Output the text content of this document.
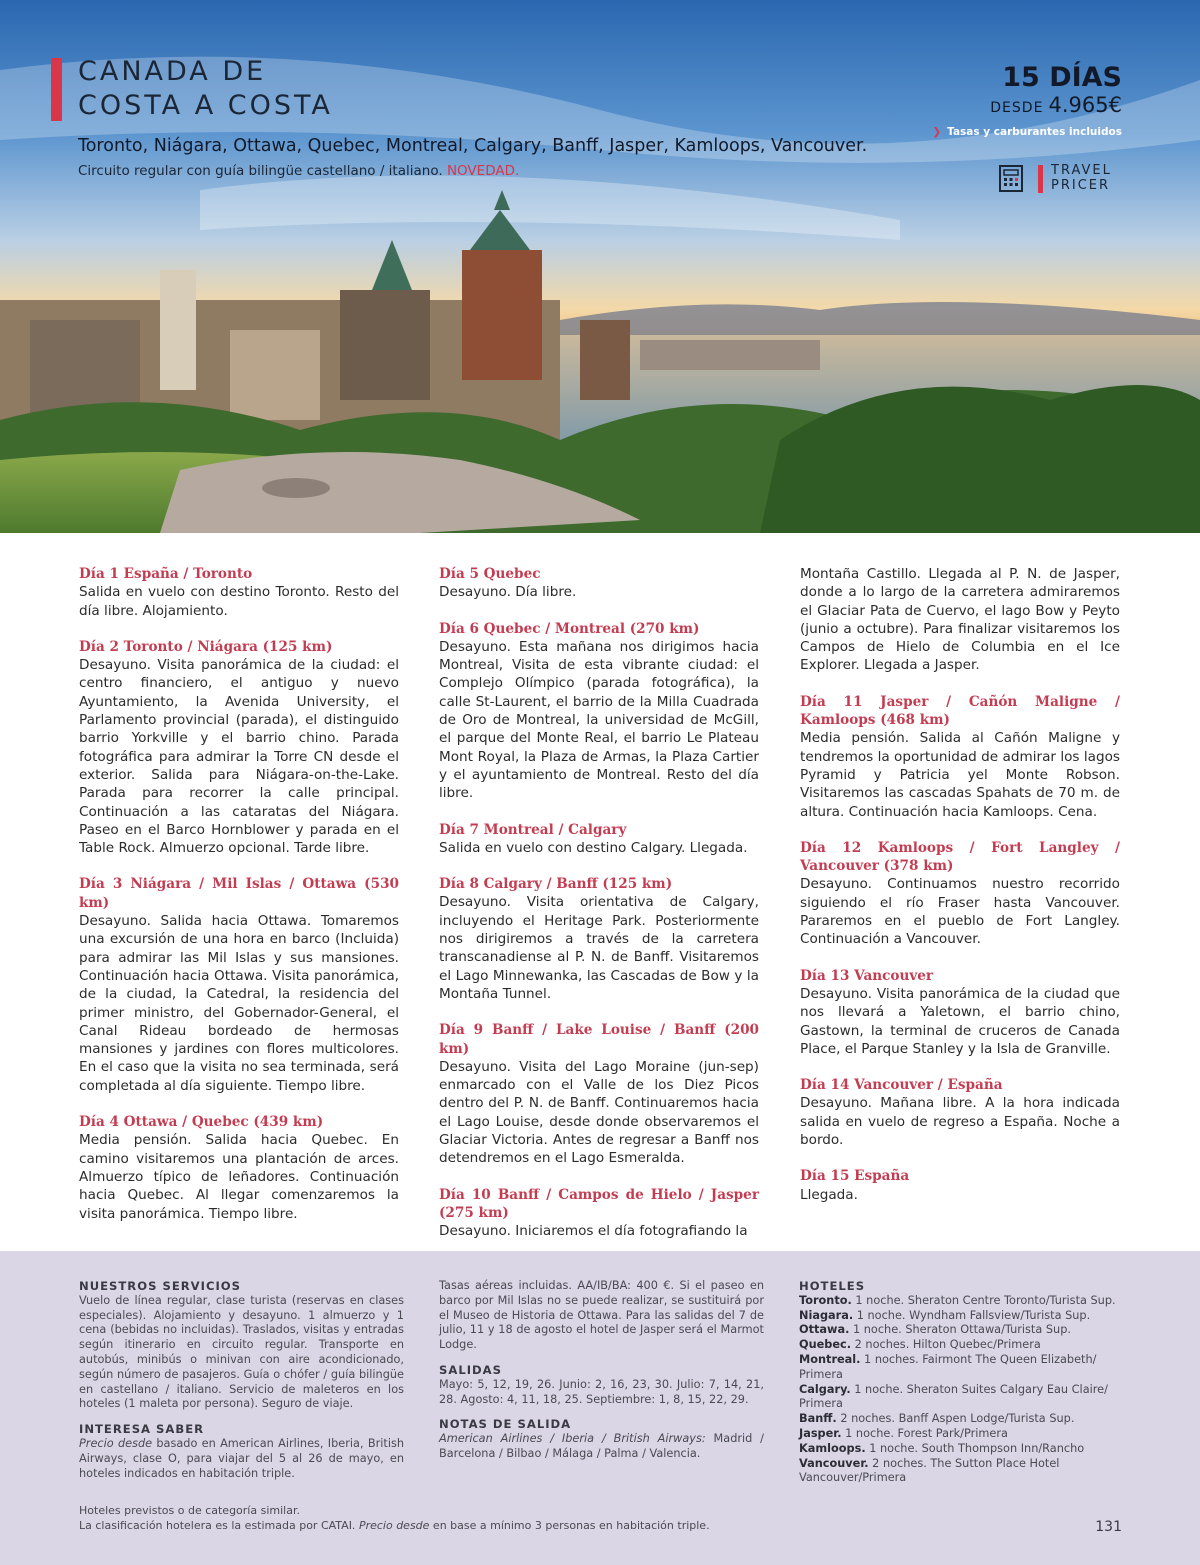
CANADA DE
COSTA A COSTA
Toronto, Niágara, Ottawa, Quebec, Montreal, Calgary, Banff, Jasper, Kamloops, Vancouver.
Circuito regular con guía bilingüe castellano / italiano. NOVEDAD.
15 DÍAS
DESDE 4.965€
❯ Tasas y carburantes incluidos
TRAVEL
PRICER
Día 1 España / Toronto

Salida en vuelo con destino Toronto. Resto del día libre. Alojamiento.

Día 2 Toronto / Niágara (125 km)

Desayuno. Visita panorámica de la ciudad: el centro financiero, el antiguo y nuevo Ayuntamiento, la Avenida University, el Parlamento provincial (parada), el distinguido barrio Yorkville y el barrio chino. Parada fotográfica para admirar la Torre CN desde el exterior. Salida para Niágara-on-the-Lake. Parada para recorrer la calle principal. Continuación a las cataratas del Niágara. Paseo en el Barco Hornblower y parada en el Table Rock. Almuerzo opcional. Tarde libre.

Día 3 Niágara / Mil Islas / Ottawa (530 km)

Desayuno. Salida hacia Ottawa. Tomaremos una excursión de una hora en barco (Incluida) para admirar las Mil Islas y sus mansiones. Continuación hacia Ottawa. Visita panorámica, de la ciudad, la Catedral, la residencia del primer ministro, del Gobernador-General, el Canal Rideau bordeado de hermosas mansiones y jardines con flores multicolores. En el caso que la visita no sea terminada, será completada al día siguiente. Tiempo libre.

Día 4 Ottawa / Quebec (439 km)

Media pensión. Salida hacia Quebec. En camino visitaremos una plantación de arces. Almuerzo típico de leñadores. Continuación hacia Quebec. Al llegar comenzaremos la visita panorámica. Tiempo libre.

Día 5 Quebec

Desayuno. Día libre.

Día 6 Quebec / Montreal (270 km)

Desayuno. Esta mañana nos dirigimos hacia Montreal, Visita de esta vibrante ciudad: el Complejo Olímpico (parada fotográfica), la calle St-Laurent, el barrio de la Milla Cuadrada de Oro de Montreal, la universidad de McGill, el parque del Monte Real, el barrio Le Plateau Mont Royal, la Plaza de Armas, la Plaza Cartier y el ayuntamiento de Montreal. Resto del día libre.

Día 7 Montreal / Calgary

Salida en vuelo con destino Calgary. Llegada.

Día 8 Calgary / Banff (125 km)

Desayuno. Visita orientativa de Calgary, incluyendo el Heritage Park. Posteriormente nos dirigiremos a través de la carretera transcanadiense al P. N. de Banff. Visitaremos el Lago Minnewanka, las Cascadas de Bow y la Montaña Tunnel.

Día 9 Banff / Lake Louise / Banff (200 km)

Desayuno. Visita del Lago Moraine (jun-sep) enmarcado con el Valle de los Diez Picos dentro del P. N. de Banff. Continuaremos hacia el Lago Louise, desde donde observaremos el Glaciar Victoria. Antes de regresar a Banff nos detendremos en el Lago Esmeralda.

Día 10 Banff / Campos de Hielo / Jasper (275 km)

Desayuno. Iniciaremos el día fotografiando la

Montaña Castillo. Llegada al P. N. de Jasper, donde a lo largo de la carretera admiraremos el Glaciar Pata de Cuervo, el lago Bow y Peyto (junio a octubre). Para finalizar visitaremos los Campos de Hielo de Columbia en el Ice Explorer. Llegada a Jasper.

Día 11 Jasper / Cañón Maligne / Kamloops (468 km)

Media pensión. Salida al Cañón Maligne y tendremos la oportunidad de admirar los lagos Pyramid y Patricia yel Monte Robson. Visitaremos las cascadas Spahats de 70 m. de altura. Continuación hacia Kamloops. Cena.

Día 12 Kamloops / Fort Langley / Vancouver (378 km)

Desayuno. Continuamos nuestro recorrido siguiendo el río Fraser hasta Vancouver. Pararemos en el pueblo de Fort Langley. Continuación a Vancouver.

Día 13 Vancouver

Desayuno. Visita panorámica de la ciudad que nos llevará a Yaletown, el barrio chino, Gastown, la terminal de cruceros de Canada Place, el Parque Stanley y la Isla de Granville.

Día 14 Vancouver / España

Desayuno. Mañana libre. A la hora indicada salida en vuelo de regreso a España. Noche a bordo.

Día 15 España

Llegada.

NUESTROS SERVICIOS

Vuelo de línea regular, clase turista (reservas en clases especiales). Alojamiento y desayuno. 1 almuerzo y 1 cena (bebidas no incluidas). Traslados, visitas y entradas según itinerario en circuito regular. Transporte en autobús, minibús o minivan con aire acondicionado, según número de pasajeros. Guía o chófer / guía bilingüe en castellano / italiano. Servicio de maleteros en los hoteles (1 maleta por persona). Seguro de viaje.

INTERESA SABER

Precio desde basado en American Airlines, Iberia, British Airways, clase O, para viajar del 5 al 26 de mayo, en hoteles indicados en habitación triple.

Tasas aéreas incluidas. AA/IB/BA: 400 €. Si el paseo en barco por Mil Islas no se puede realizar, se sustituirá por el Museo de Historia de Ottawa. Para las salidas del 7 de julio, 11 y 18 de agosto el hotel de Jasper será el Marmot Lodge.

SALIDAS

Mayo: 5, 12, 19, 26. Junio: 2, 16, 23, 30. Julio: 7, 14, 21, 28. Agosto: 4, 11, 18, 25. Septiembre: 1, 8, 15, 22, 29.

NOTAS DE SALIDA

American Airlines / Iberia / British Airways: Madrid / Barcelona / Bilbao / Málaga / Palma / Valencia.

HOTELES
Toronto. 1 noche. Sheraton Centre Toronto/Turista Sup.
Niagara. 1 noche. Wyndham Fallsview/Turista Sup.
Ottawa. 1 noche. Sheraton Ottawa/Turista Sup.
Quebec. 2 noches. Hilton Quebec/Primera
Montreal. 1 noches. Fairmont The Queen Elizabeth/ Primera
Calgary. 1 noche. Sheraton Suites Calgary Eau Claire/ Primera
Banff. 2 noches. Banff Aspen Lodge/Turista Sup.
Jasper. 1 noche. Forest Park/Primera
Kamloops. 1 noche. South Thompson Inn/Rancho
Vancouver. 2 noches. The Sutton Place Hotel Vancouver/Primera
Hoteles previstos o de categoría similar.
La clasificación hotelera es la estimada por CATAI. Precio desde en base a mínimo 3 personas en habitación triple.	131
